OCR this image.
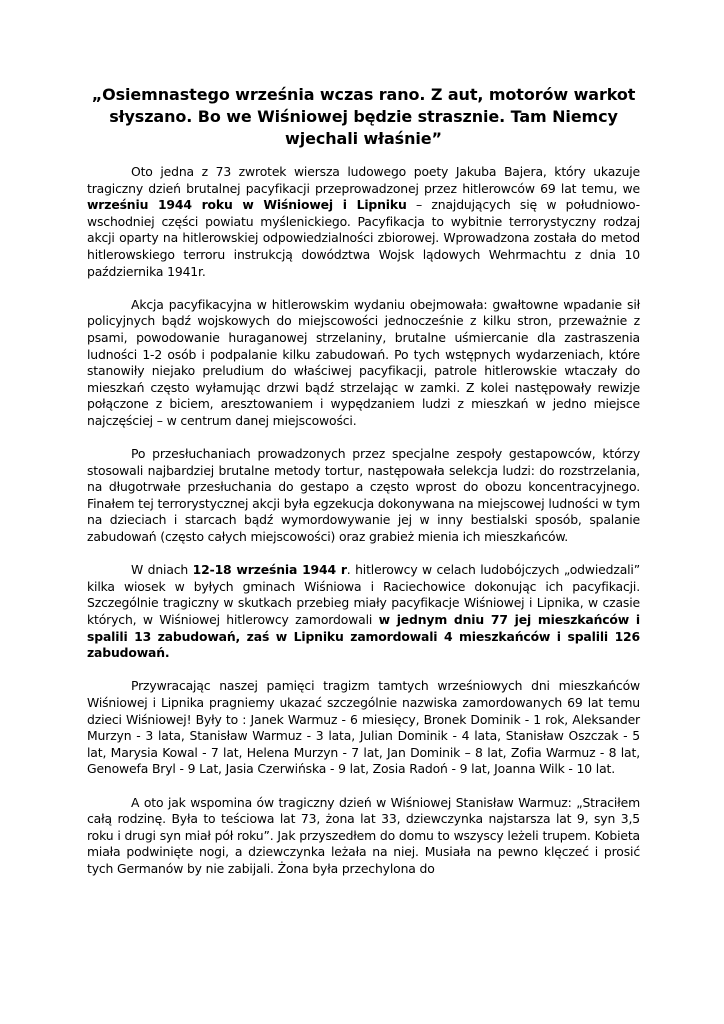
„Osiemnastego września wczas rano. Z aut, motorów warkot słyszano. Bo we Wiśniowej będzie strasznie. Tam Niemcy wjechali właśnie”

Oto jedna z 73 zwrotek wiersza ludowego poety Jakuba Bajera, który ukazuje tragiczny dzień brutalnej pacyfikacji przeprowadzonej przez hitlerowców 69 lat temu, we wrześniu 1944 roku w Wiśniowej i Lipniku – znajdujących się w południowo-wschodniej części powiatu myślenickiego. Pacyfikacja to wybitnie terrorystyczny rodzaj akcji oparty na hitlerowskiej odpowiedzialności zbiorowej. Wprowadzona została do metod hitlerowskiego terroru instrukcją dowództwa Wojsk lądowych Wehrmachtu z dnia 10 października 1941r.

Akcja pacyfikacyjna w hitlerowskim wydaniu obejmowała: gwałtowne wpadanie sił policyjnych bądź wojskowych do miejscowości jednocześnie z kilku stron, przeważnie z psami, powodowanie huraganowej strzelaniny, brutalne uśmiercanie dla zastraszenia ludności 1-2 osób i podpalanie kilku zabudowań. Po tych wstępnych wydarzeniach, które stanowiły niejako preludium do właściwej pacyfikacji, patrole hitlerowskie wtaczały do mieszkań często wyłamując drzwi bądź strzelając w zamki. Z kolei następowały rewizje połączone z biciem, aresztowaniem i wypędzaniem ludzi z mieszkań w jedno miejsce najczęściej – w centrum danej miejscowości.

Po przesłuchaniach prowadzonych przez specjalne zespoły gestapowców, którzy stosowali najbardziej brutalne metody tortur, następowała selekcja ludzi: do rozstrzelania, na długotrwałe przesłuchania do gestapo a często wprost do obozu koncentracyjnego. Finałem tej terrorystycznej akcji była egzekucja dokonywana na miejscowej ludności w tym na dzieciach i starcach bądź wymordowywanie jej w inny bestialski sposób, spalanie zabudowań (często całych miejscowości) oraz grabież mienia ich mieszkańców.

W dniach 12-18 września 1944 r. hitlerowcy w celach ludobójczych „odwiedzali” kilka wiosek w byłych gminach Wiśniowa i Raciechowice dokonując ich pacyfikacji. Szczególnie tragiczny w skutkach przebieg miały pacyfikacje Wiśniowej i Lipnika, w czasie których, w Wiśniowej hitlerowcy zamordowali w jednym dniu 77 jej mieszkańców i spalili 13 zabudowań, zaś w Lipniku zamordowali 4 mieszkańców i spalili 126 zabudowań.

Przywracając naszej pamięci tragizm tamtych wrześniowych dni mieszkańców Wiśniowej i Lipnika pragniemy ukazać szczególnie nazwiska zamordowanych 69 lat temu dzieci Wiśniowej! Były to : Janek Warmuz - 6 miesięcy, Bronek Dominik - 1 rok, Aleksander Murzyn - 3 lata, Stanisław Warmuz - 3 lata, Julian Dominik - 4 lata, Stanisław Oszczak - 5 lat, Marysia Kowal - 7 lat, Helena Murzyn - 7 lat, Jan Dominik – 8 lat, Zofia Warmuz - 8 lat, Genowefa Bryl - 9 Lat, Jasia Czerwińska - 9 lat, Zosia Radoń - 9 lat, Joanna Wilk - 10 lat.

A oto jak wspomina ów tragiczny dzień w Wiśniowej Stanisław Warmuz: „Straciłem całą rodzinę. Była to teściowa lat 73, żona lat 33, dziewczynka najstarsza lat 9, syn 3,5 roku i drugi syn miał pół roku”. Jak przyszedłem do domu to wszyscy leżeli trupem. Kobieta miała podwinięte nogi, a dziewczynka leżała na niej. Musiała na pewno klęczeć i prosić tych Germanów by nie zabijali. Żona była przechylona do
